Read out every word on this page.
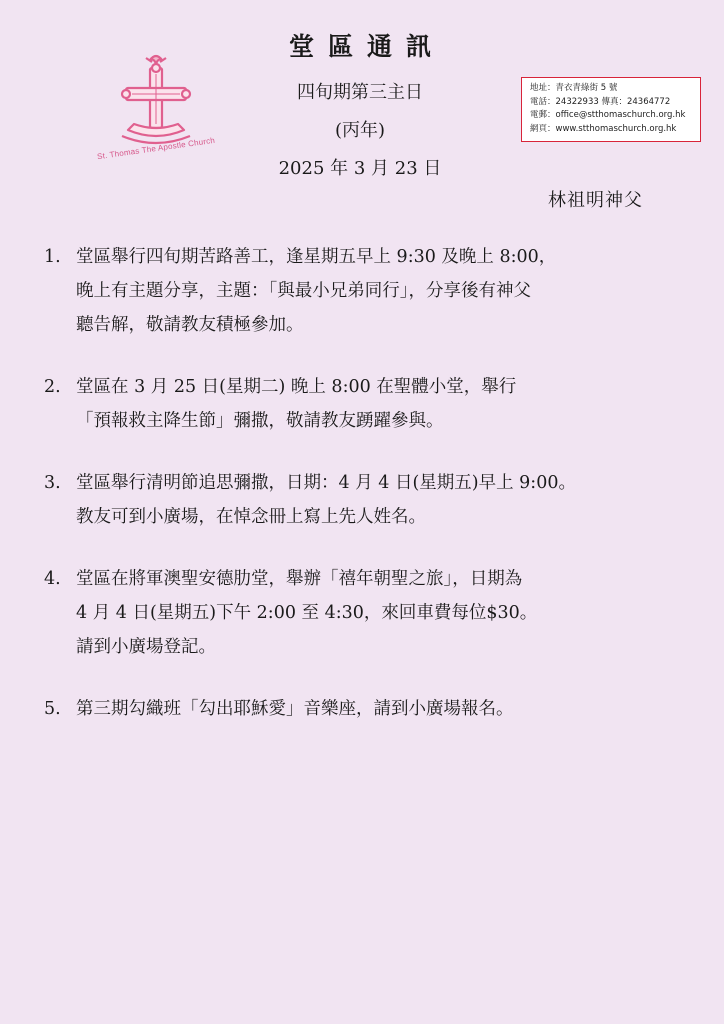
St. Thomas The Apostle Church
堂區通訊
四旬期第三主日
(丙年)
2025 年 3 月 23 日
地址：青衣青綠街 5 號
電話：24322933 傳真：24364772
電郵：office@stthomaschurch.org.hk
網頁：www.stthomaschurch.org.hk
林祖明神父
1. 堂區舉行四旬期苦路善工，逢星期五早上 9:30 及晚上 8:00，
晚上有主題分享，主題：「與最小兄弟同行」，分享後有神父
聽告解，敬請教友積極參加。
2. 堂區在 3 月 25 日(星期二) 晚上 8:00 在聖體小堂，舉行
「預報救主降生節」彌撒，敬請教友踴躍參與。
3. 堂區舉行清明節追思彌撒，日期：4 月 4 日(星期五)早上 9:00。
教友可到小廣場，在悼念冊上寫上先人姓名。
4. 堂區在將軍澳聖安德肋堂，舉辦「禧年朝聖之旅」，日期為
4 月 4 日(星期五)下午 2:00 至 4:30，來回車費每位$30。
請到小廣場登記。
5. 第三期勾織班「勾出耶穌愛」音樂座，請到小廣場報名。
